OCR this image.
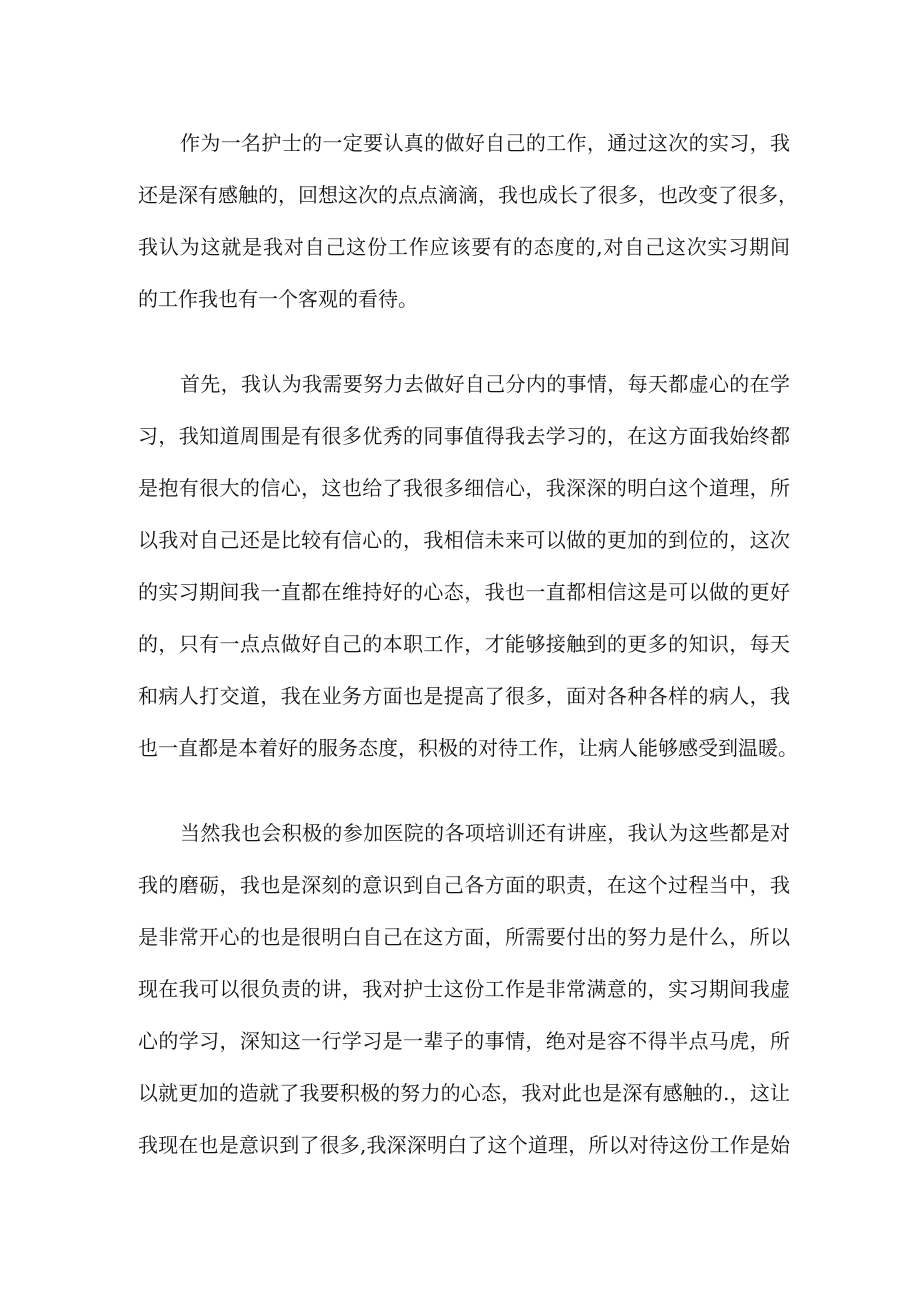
作为一名护士的一定要认真的做好自己的工作，通过这次的实习，我
还是深有感触的，回想这次的点点滴滴，我也成长了很多，也改变了很多，
我认为这就是我对自己这份工作应该要有的态度的,对自己这次实习期间
的工作我也有一个客观的看待。

首先，我认为我需要努力去做好自己分内的事情，每天都虚心的在学
习，我知道周围是有很多优秀的同事值得我去学习的，在这方面我始终都
是抱有很大的信心，这也给了我很多细信心，我深深的明白这个道理，所
以我对自己还是比较有信心的，我相信未来可以做的更加的到位的，这次
的实习期间我一直都在维持好的心态，我也一直都相信这是可以做的更好
的，只有一点点做好自己的本职工作，才能够接触到的更多的知识，每天
和病人打交道，我在业务方面也是提高了很多，面对各种各样的病人，我
也一直都是本着好的服务态度，积极的对待工作，让病人能够感受到温暖。

当然我也会积极的参加医院的各项培训还有讲座，我认为这些都是对
我的磨砺，我也是深刻的意识到自己各方面的职责，在这个过程当中，我
是非常开心的也是很明白自己在这方面，所需要付出的努力是什么，所以
现在我可以很负责的讲，我对护士这份工作是非常满意的，实习期间我虚
心的学习，深知这一行学习是一辈子的事情，绝对是容不得半点马虎，所
以就更加的造就了我要积极的努力的心态，我对此也是深有感触的.，这让
我现在也是意识到了很多,我深深明白了这个道理，所以对待这份工作是始
